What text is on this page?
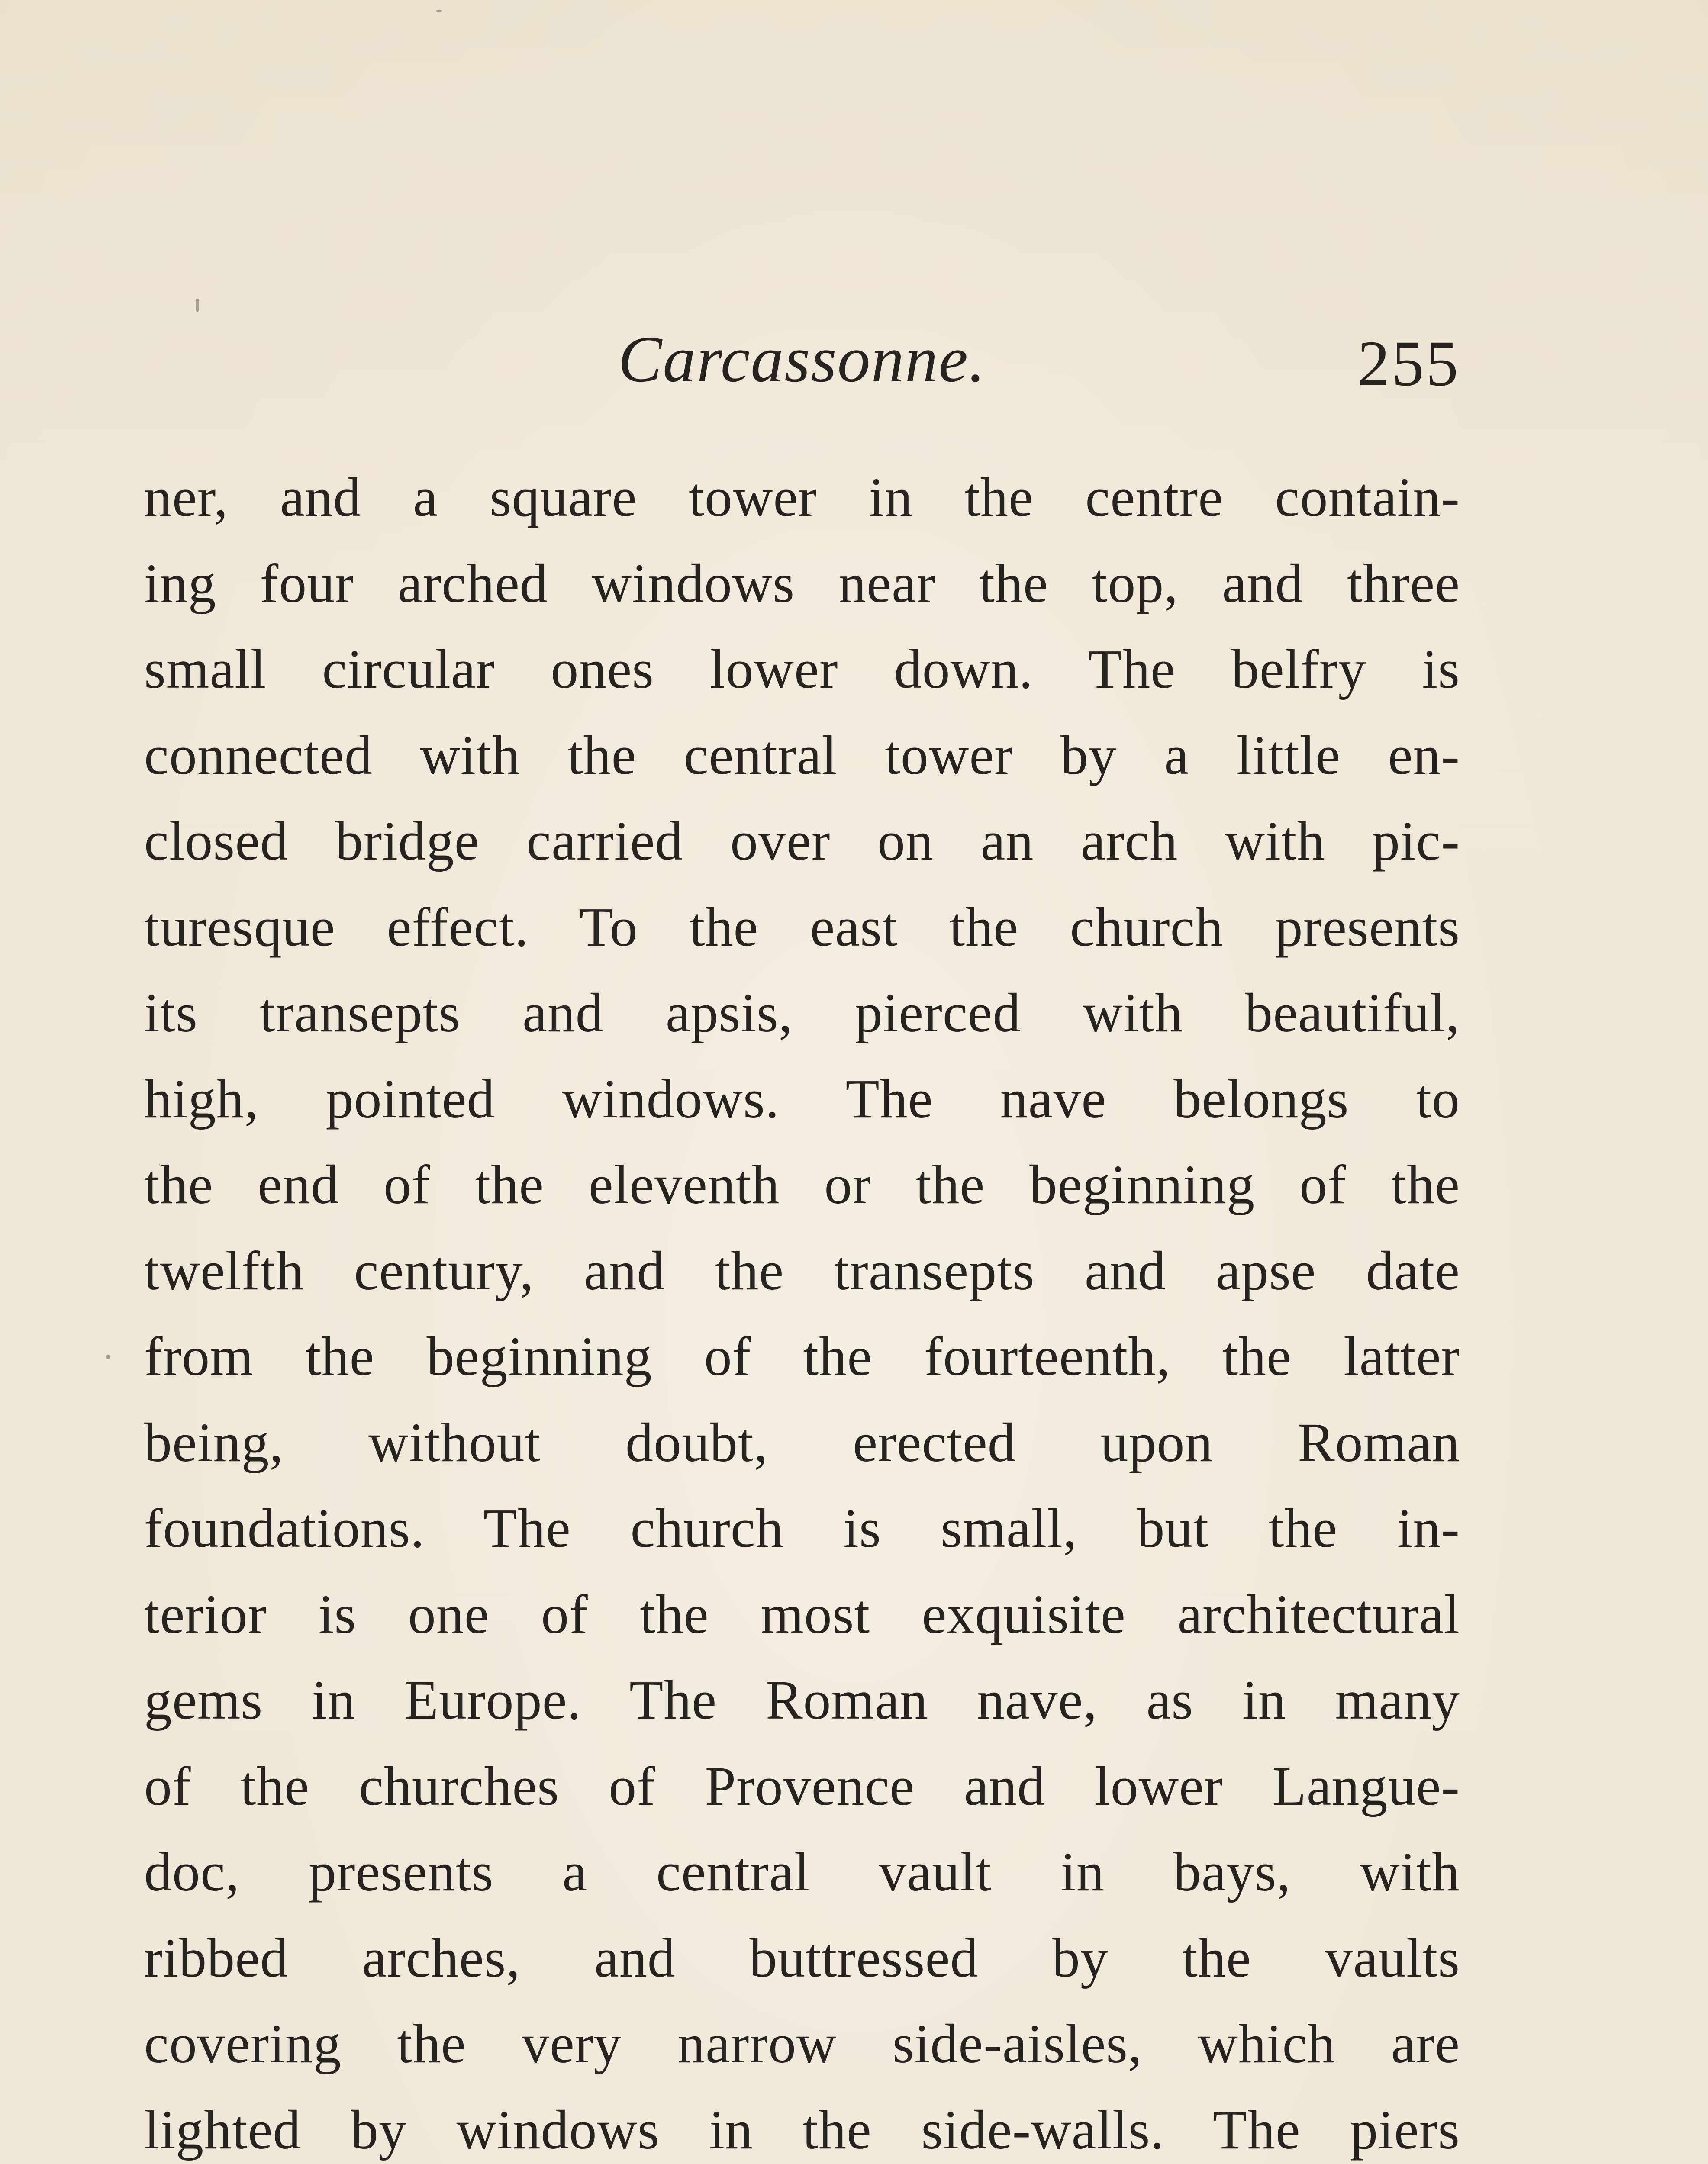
Carcassonne.	255
ner, and a square tower in the centre contain-
ing four arched windows near the top, and three
small circular ones lower down. The belfry is
connected with the central tower by a little en-
closed bridge carried over on an arch with pic-
turesque effect. To the east the church presents
its transepts and apsis, pierced with beautiful,
high, pointed windows. The nave belongs to
the end of the eleventh or the beginning of the
twelfth century, and the transepts and apse date
from the beginning of the fourteenth, the latter
being, without doubt, erected upon Roman
foundations. The church is small, but the in-
terior is one of the most exquisite architectural
gems in Europe. The Roman nave, as in many
of the churches of Provence and lower Langue-
doc, presents a central vault in bays, with
ribbed arches, and buttressed by the vaults
covering the very narrow side-aisles, which are
lighted by windows in the side-walls. The piers
